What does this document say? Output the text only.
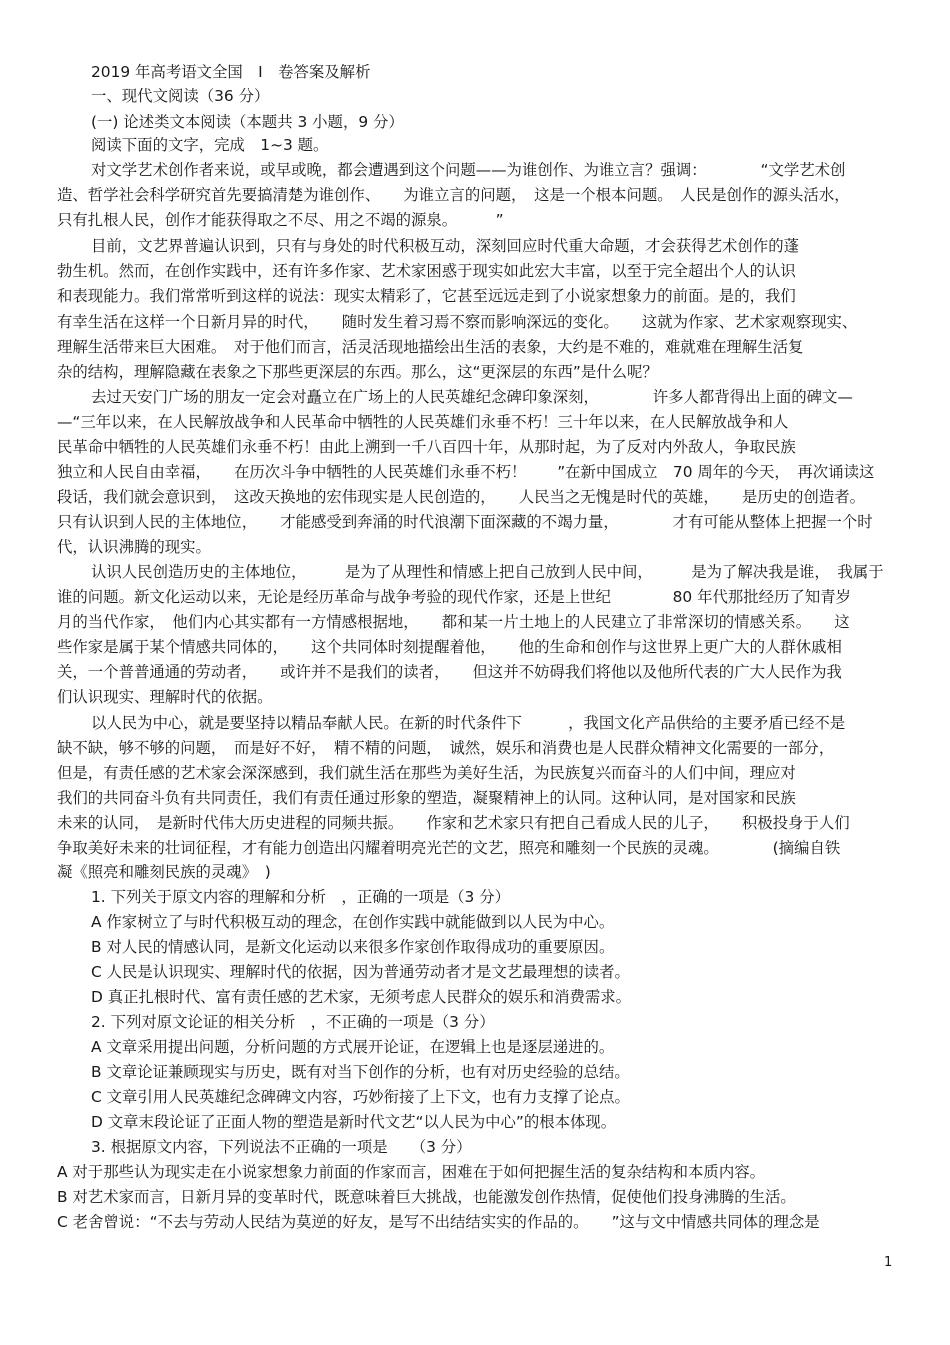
2019 年高考语文全国　I　卷答案及解析
一、现代文阅读（36 分）
(一) 论述类文本阅读（本题共 3 小题，9 分）
阅读下面的文字，完成　1~3 题。
对文学艺术创作者来说，或早或晚，都会遭遇到这个问题——为谁创作、为谁立言？强调：　　　　“文学艺术创
造、哲学社会科学研究首先要搞清楚为谁创作、　　为谁立言的问题，　这是一个根本问题。　人民是创作的源头活水，
只有扎根人民，创作才能获得取之不尽、用之不竭的源泉。　　　”
目前，文艺界普遍认识到，只有与身处的时代积极互动，深刻回应时代重大命题，才会获得艺术创作的蓬
勃生机。然而，在创作实践中，还有许多作家、艺术家困惑于现实如此宏大丰富，以至于完全超出个人的认识
和表现能力。我们常常听到这样的说法：现实太精彩了，它甚至远远走到了小说家想象力的前面。是的，我们
有幸生活在这样一个日新月异的时代，　　随时发生着习焉不察而影响深远的变化。　　这就为作家、艺术家观察现实、
理解生活带来巨大困难。　对于他们而言，活灵活现地描绘出生活的表象，大约是不难的，难就难在理解生活复
杂的结构，理解隐藏在表象之下那些更深层的东西。那么，这“更深层的东西”是什么呢？
去过天安门广场的朋友一定会对矗立在广场上的人民英雄纪念碑印象深刻，　　　　许多人都背得出上面的碑文—
—“三年以来，在人民解放战争和人民革命中牺牲的人民英雄们永垂不朽！三十年以来，在人民解放战争和人
民革命中牺牲的人民英雄们永垂不朽！由此上溯到一千八百四十年，从那时起，为了反对内外敌人，争取民族
独立和人民自由幸福，　　在历次斗争中牺牲的人民英雄们永垂不朽！　　”在新中国成立　70 周年的今天，　再次诵读这
段话，我们就会意识到，　这改天换地的宏伟现实是人民创造的，　　人民当之无愧是时代的英雄，　　是历史的创造者。
只有认识到人民的主体地位，　　才能感受到奔涌的时代浪潮下面深藏的不竭力量，　　　　才有可能从整体上把握一个时
代，认识沸腾的现实。
认识人民创造历史的主体地位，　　　是为了从理性和情感上把自己放到人民中间，　　　是为了解决我是谁，　我属于
谁的问题。新文化运动以来，无论是经历革命与战争考验的现代作家，还是上世纪　　　　80 年代那批经历了知青岁
月的当代作家，　他们内心其实都有一方情感根据地，　　都和某一片土地上的人民建立了非常深切的情感关系。　　这
些作家是属于某个情感共同体的，　　这个共同体时刻提醒着他，　　他的生命和创作与这世界上更广大的人群休戚相
关，一个普普通通的劳动者，　　或许并不是我们的读者，　　但这并不妨碍我们将他以及他所代表的广大人民作为我
们认识现实、理解时代的依据。
以人民为中心，就是要坚持以精品奉献人民。在新的时代条件下　　　，我国文化产品供给的主要矛盾已经不是
缺不缺，够不够的问题，　而是好不好，　精不精的问题，　诚然，娱乐和消费也是人民群众精神文化需要的一部分，
但是，有责任感的艺术家会深深感到，我们就生活在那些为美好生活，为民族复兴而奋斗的人们中间，理应对
我们的共同奋斗负有共同责任，我们有责任通过形象的塑造，凝聚精神上的认同。这种认同，是对国家和民族
未来的认同，　是新时代伟大历史进程的同频共振。　　作家和艺术家只有把自己看成人民的儿子，　　积极投身于人们
争取美好未来的壮词征程，才有能力创造出闪耀着明亮光芒的文艺，照亮和雕刻一个民族的灵魂。　　　　(摘编自铁
凝《照亮和雕刻民族的灵魂》　)
1. 下列关于原文内容的理解和分析　，正确的一项是（3 分）
A 作家树立了与时代积极互动的理念，在创作实践中就能做到以人民为中心。
B 对人民的情感认同，是新文化运动以来很多作家创作取得成功的重要原因。
C 人民是认识现实、理解时代的依据，因为普通劳动者才是文艺最理想的读者。
D 真正扎根时代、富有责任感的艺术家，无须考虑人民群众的娱乐和消费需求。
2. 下列对原文论证的相关分析　，不正确的一项是（3 分）
A 文章采用提出问题，分析问题的方式展开论证，在逻辑上也是逐层递进的。
B 文章论证兼顾现实与历史，既有对当下创作的分析，也有对历史经验的总结。
C 文章引用人民英雄纪念碑碑文内容，巧妙衔接了上下文，也有力支撑了论点。
D 文章末段论证了正面人物的塑造是新时代文艺“以人民为中心”的根本体现。
3. 根据原文内容，下列说法不正确的一项是　　（3 分）
A 对于那些认为现实走在小说家想象力前面的作家而言，困难在于如何把握生活的复杂结构和本质内容。
B 对艺术家而言，日新月异的变革时代，既意味着巨大挑战，也能激发创作热情，促使他们投身沸腾的生活。
C 老舍曾说：“不去与劳动人民结为莫逆的好友，是写不出结结实实的作品的。　　”这与文中情感共同体的理念是
1
